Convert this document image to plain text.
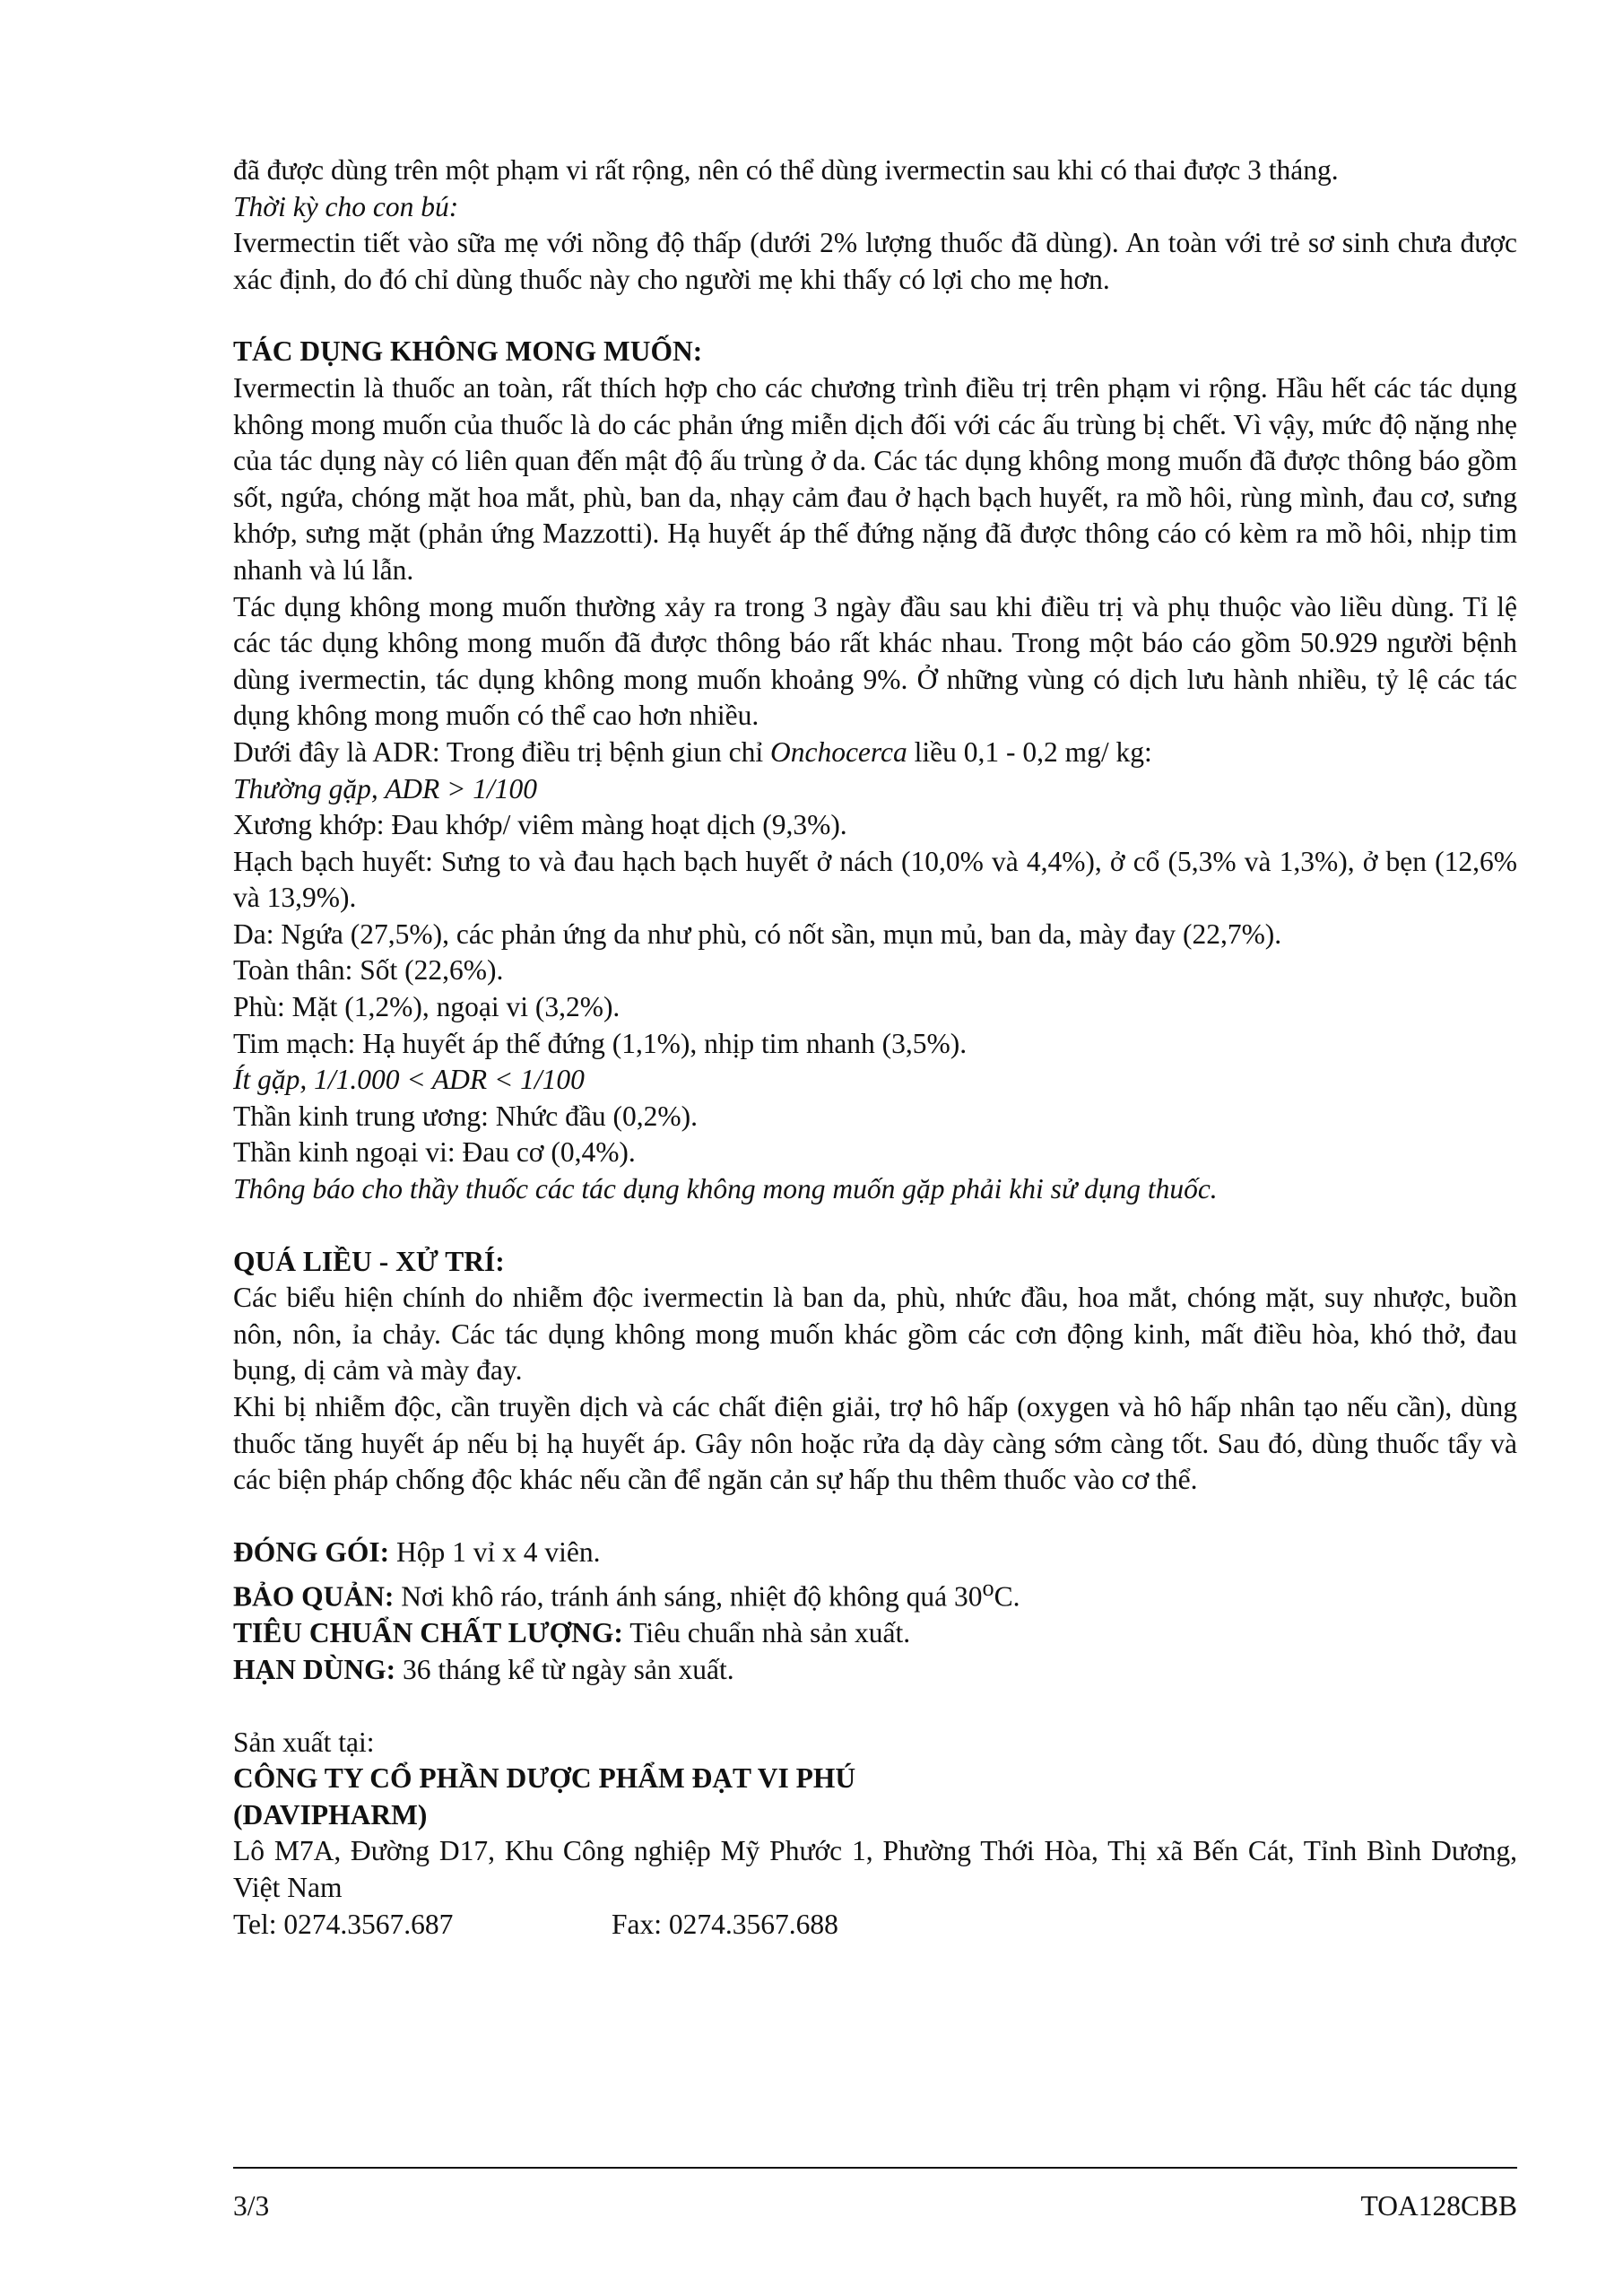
đã được dùng trên một phạm vi rất rộng, nên có thể dùng ivermectin sau khi có thai được 3 tháng.

Thời kỳ cho con bú:

Ivermectin tiết vào sữa mẹ với nồng độ thấp (dưới 2% lượng thuốc đã dùng). An toàn với trẻ sơ sinh chưa được xác định, do đó chỉ dùng thuốc này cho người mẹ khi thấy có lợi cho mẹ hơn.

TÁC DỤNG KHÔNG MONG MUỐN:

Ivermectin là thuốc an toàn, rất thích hợp cho các chương trình điều trị trên phạm vi rộng. Hầu hết các tác dụng không mong muốn của thuốc là do các phản ứng miễn dịch đối với các ấu trùng bị chết. Vì vậy, mức độ nặng nhẹ của tác dụng này có liên quan đến mật độ ấu trùng ở da. Các tác dụng không mong muốn đã được thông báo gồm sốt, ngứa, chóng mặt hoa mắt, phù, ban da, nhạy cảm đau ở hạch bạch huyết, ra mồ hôi, rùng mình, đau cơ, sưng khớp, sưng mặt (phản ứng Mazzotti). Hạ huyết áp thế đứng nặng đã được thông cáo có kèm ra mồ hôi, nhịp tim nhanh và lú lẫn.

Tác dụng không mong muốn thường xảy ra trong 3 ngày đầu sau khi điều trị và phụ thuộc vào liều dùng. Tỉ lệ các tác dụng không mong muốn đã được thông báo rất khác nhau. Trong một báo cáo gồm 50.929 người bệnh dùng ivermectin, tác dụng không mong muốn khoảng 9%. Ở những vùng có dịch lưu hành nhiều, tỷ lệ các tác dụng không mong muốn có thể cao hơn nhiều.

Dưới đây là ADR: Trong điều trị bệnh giun chỉ Onchocerca liều 0,1 - 0,2 mg/ kg:

Thường gặp, ADR > 1/100

Xương khớp: Đau khớp/ viêm màng hoạt dịch (9,3%).

Hạch bạch huyết: Sưng to và đau hạch bạch huyết ở nách (10,0% và 4,4%), ở cổ (5,3% và 1,3%), ở bẹn (12,6% và 13,9%).

Da: Ngứa (27,5%), các phản ứng da như phù, có nốt sần, mụn mủ, ban da, mày đay (22,7%).

Toàn thân: Sốt (22,6%).

Phù: Mặt (1,2%), ngoại vi (3,2%).

Tim mạch: Hạ huyết áp thế đứng (1,1%), nhịp tim nhanh (3,5%).

Ít gặp, 1/1.000 < ADR < 1/100

Thần kinh trung ương: Nhức đầu (0,2%).

Thần kinh ngoại vi: Đau cơ (0,4%).

Thông báo cho thầy thuốc các tác dụng không mong muốn gặp phải khi sử dụng thuốc.

QUÁ LIỀU - XỬ TRÍ:

Các biểu hiện chính do nhiễm độc ivermectin là ban da, phù, nhức đầu, hoa mắt, chóng mặt, suy nhược, buồn nôn, nôn, ỉa chảy. Các tác dụng không mong muốn khác gồm các cơn động kinh, mất điều hòa, khó thở, đau bụng, dị cảm và mày đay.

Khi bị nhiễm độc, cần truyền dịch và các chất điện giải, trợ hô hấp (oxygen và hô hấp nhân tạo nếu cần), dùng thuốc tăng huyết áp nếu bị hạ huyết áp. Gây nôn hoặc rửa dạ dày càng sớm càng tốt. Sau đó, dùng thuốc tẩy và các biện pháp chống độc khác nếu cần để ngăn cản sự hấp thu thêm thuốc vào cơ thể.

ĐÓNG GÓI: Hộp 1 vỉ x 4 viên.

BẢO QUẢN: Nơi khô ráo, tránh ánh sáng, nhiệt độ không quá 30$^o$C.

TIÊU CHUẨN CHẤT LƯỢNG: Tiêu chuẩn nhà sản xuất.

HẠN DÙNG: 36 tháng kể từ ngày sản xuất.

Sản xuất tại:

CÔNG TY CỔ PHẦN DƯỢC PHẨM ĐẠT VI PHÚ

(DAVIPHARM)

Lô M7A, Đường D17, Khu Công nghiệp Mỹ Phước 1, Phường Thới Hòa, Thị xã Bến Cát, Tỉnh Bình Dương, Việt Nam

Tel: 0274.3567.687	Fax: 0274.3567.688

3/3	TOA128CBB
